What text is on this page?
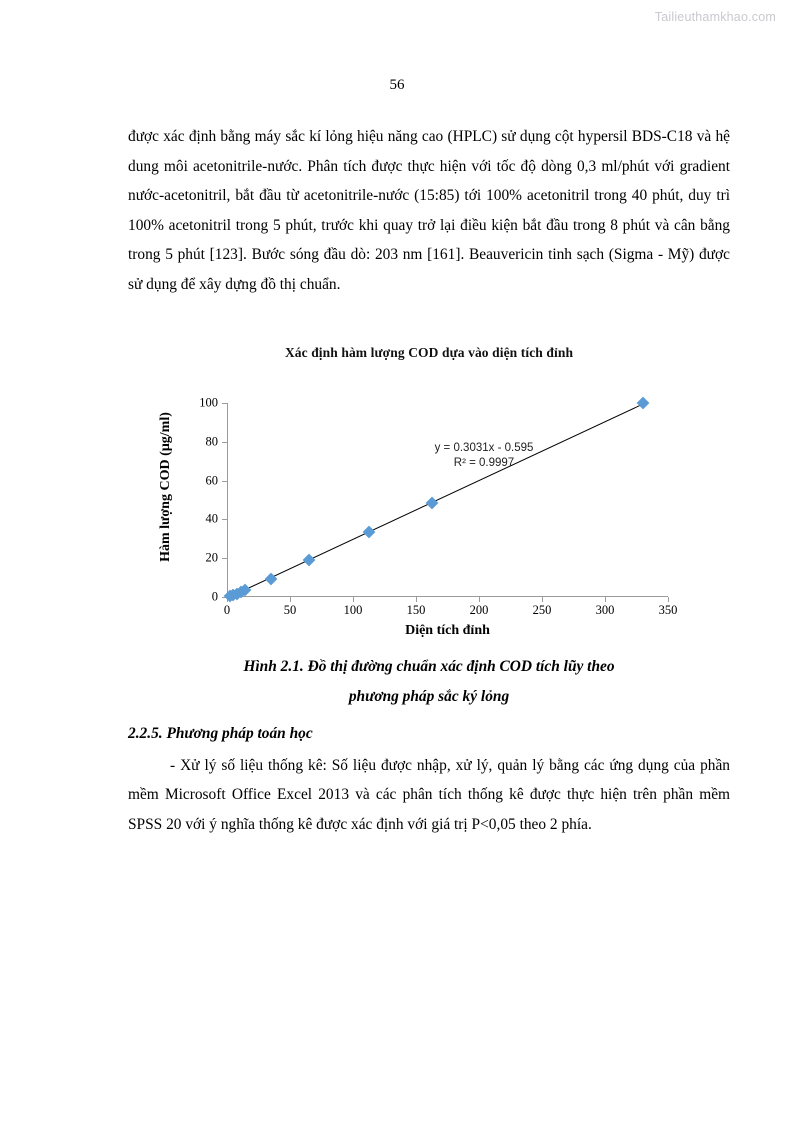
Tailieuthamkhao.com
56

được xác định bằng máy sắc kí lỏng hiệu năng cao (HPLC) sử dụng cột hypersil BDS-C18 và hệ dung môi acetonitrile-nước. Phân tích được thực hiện với tốc độ dòng 0,3 ml/phút với gradient nước-acetonitril, bắt đầu từ acetonitrile-nước (15:85) tới 100% acetonitril trong 40 phút, duy trì 100% acetonitril trong 5 phút, trước khi quay trở lại điều kiện bắt đầu trong 8 phút và cân bằng trong 5 phút [123]. Bước sóng đầu dò: 203 nm [161]. Beauvericin tinh sạch (Sigma - Mỹ) được sử dụng để xây dựng đồ thị chuẩn.

Xác định hàm lượng COD dựa vào diện tích đỉnh
Hàm lượng COD (µg/ml)
0
20
40
60
80
100
0	50	100	150	200	250	300	350
Diện tích đỉnh
y = 0.3031x - 0.595
R² = 0.9997
Hình 2.1. Đồ thị đường chuẩn xác định COD tích lũy theo
phương pháp sắc ký lỏng
2.2.5. Phương pháp toán học

- Xử lý số liệu thống kê: Số liệu được nhập, xử lý, quản lý bằng các ứng dụng của phần mềm Microsoft Office Excel 2013 và các phân tích thống kê được thực hiện trên phần mềm SPSS 20 với ý nghĩa thống kê được xác định với giá trị P<0,05 theo 2 phía.
